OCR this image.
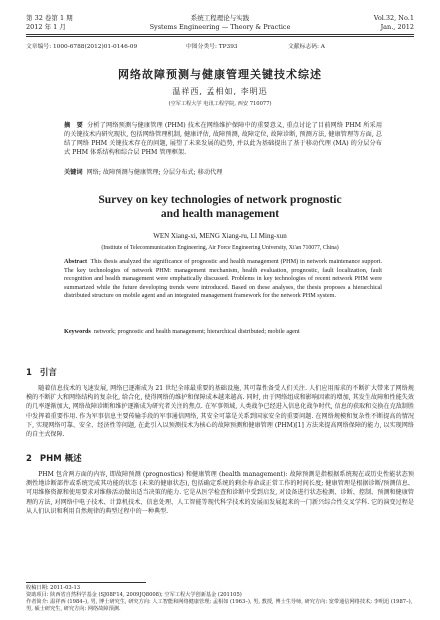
第 32 卷第 1 期	系统工程理论与实践	Vol.32, No.1
2012 年 1 月	Systems Engineering — Theory & Practice	Jan., 2012
文章编号: 1000-6788(2012)01-0146-09	中图分类号: TP393	文献标志码: A
网络故障预测与健康管理关键技术综述
温祥西, 孟相如, 李明迅
(空军工程大学 电讯工程学院, 西安 710077)
摘　要 分析了网络预测与健康管理 (PHM) 技术在网络维护保障中的重要意义, 重点讨论了目前网络 PHM 所采用的关键技术内研究现状, 包括网络管理机制, 健康评估, 故障预测, 故障定位, 故障诊断, 预测方法, 健康管理等方面, 总结了网络 PHM 关键技术存在的问题, 展望了未来发展的趋势, 并以此为基础提出了基于移动代理 (MA) 的分层分布式 PHM 体系结构和综合层 PHM 管理框架.
关键词 网络; 故障预测与健康管理; 分层分布式; 移动代理
Survey on key technologies of network prognostic
and health management
WEN Xiang-xi, MENG Xiang-ru, LI Ming-xun
(Institute of Telecommunication Engineering, Air Force Engineering University, Xi'an 710077, China)
Abstract This thesis analyzed the significance of prognostic and health management (PHM) in network maintenance support. The key technologies of network PHM: management mechanism, health evaluation, prognostic, fault localization, fault recognition and health management were emphatically discussed. Problems in key technologies of recent network PHM were summarized while the future developing trends were introduced. Based on these analyses, the thesis proposes a hierarchical distributed structure on mobile agent and an integrated management framework for the network PHM system.
Keywords network; prognostic and health management; hierarchical distributed; mobile agent
1 引言
随着信息技术的飞速发展, 网络已逐渐成为 21 世纪全球最重要的基础设施, 其可靠性备受人们关注. 人们应用需求的不断扩大带来了网络规模的不断扩大和网络结构的复杂化, 给合化, 使得网络的维护和保障成本越来越高. 同时, 由于网络组成和影响因素的增加, 其发生故障和性能失效的几率逐渐加大, 网络故障诊断和维护逐渐成为研究者关注的焦点. 在军事领域, 人类战争已经进入信息化战争时代, 信息的获取和交换在克敌制胜中发挥着重要作用. 作为军事信息主要传输手段的军事通信网络, 其安全可靠是关系到国家安全的重要问题. 在网络规模和复杂性不断提高的情况下, 实现网络可靠、安全、经济性等问题, 在此引入以预测技术为核心的故障预测和健康管理 (PHM)[1] 方法来提高网络保障的能力, 以实现网络的自主式保障.
2 PHM 概述
PHM 包含两方面的内容, 即故障预测 (prognostics) 和健康管理 (health management): 故障预测是指根据系统现在或历史性能状态预测性地诊断部件或系统完成其功能的状态 (未来的健康状态), 包括确定系统的剩余寿命或正常工作的时间长度; 健康管理是根据诊断/预测信息、可用维修资源和使用要求对维修活动做出适当决策的能力. 它是从医学检查和诊断中受到启发, 对设备进行状态检测、诊断、控制、预测和健康管理的方法, 对网络中电子技术、计算机技术、信息处理、人工智能等现代科学技术的发展而发展起来的一门新兴综合性交叉学科. 它的演变过程是从人们认识和利用自然规律的典型过程中的一种典型.
收稿日期: 2011-03-13
资助项目: 陕西省自然科学基金 (SJ08F14, 2009JQ8008); 空军工程大学创新基金 (201105)
作者简介: 温祥西 (1984–), 男, 博士研究生, 研究方向: 人工智能和网络健康管理; 孟相如 (1963–), 男, 教授, 博士生导师, 研究方向: 宽带通信网络技术; 李明迅 (1987–), 男, 硕士研究生, 研究方向: 网络故障预测.
